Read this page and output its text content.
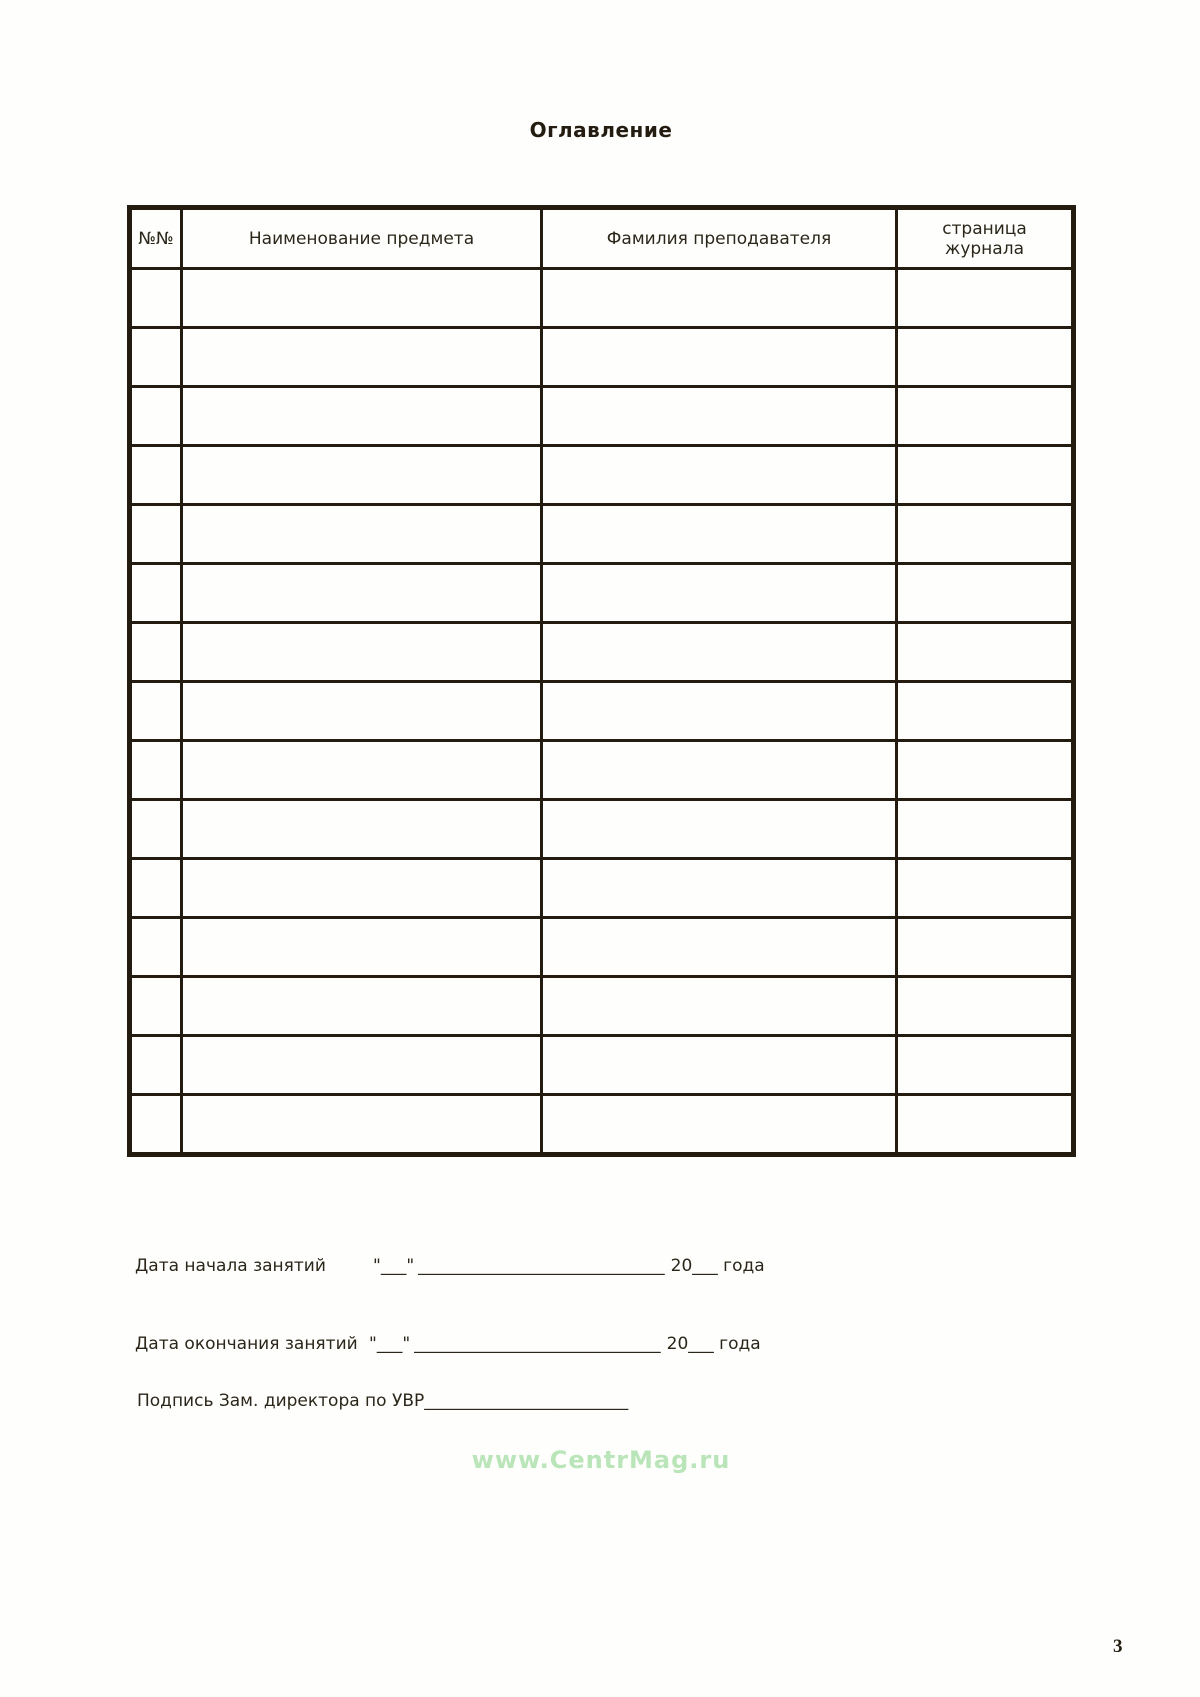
Оглавление
№№	Наименование предмета	Фамилия преподавателя	страница журнала

Дата начала занятий	"___" _____________________________ 20___ года
Дата окончания занятий "___" _____________________________ 20___ года
Подпись Зам. директора по УВР________________________
www.CentrMag.ru
3
